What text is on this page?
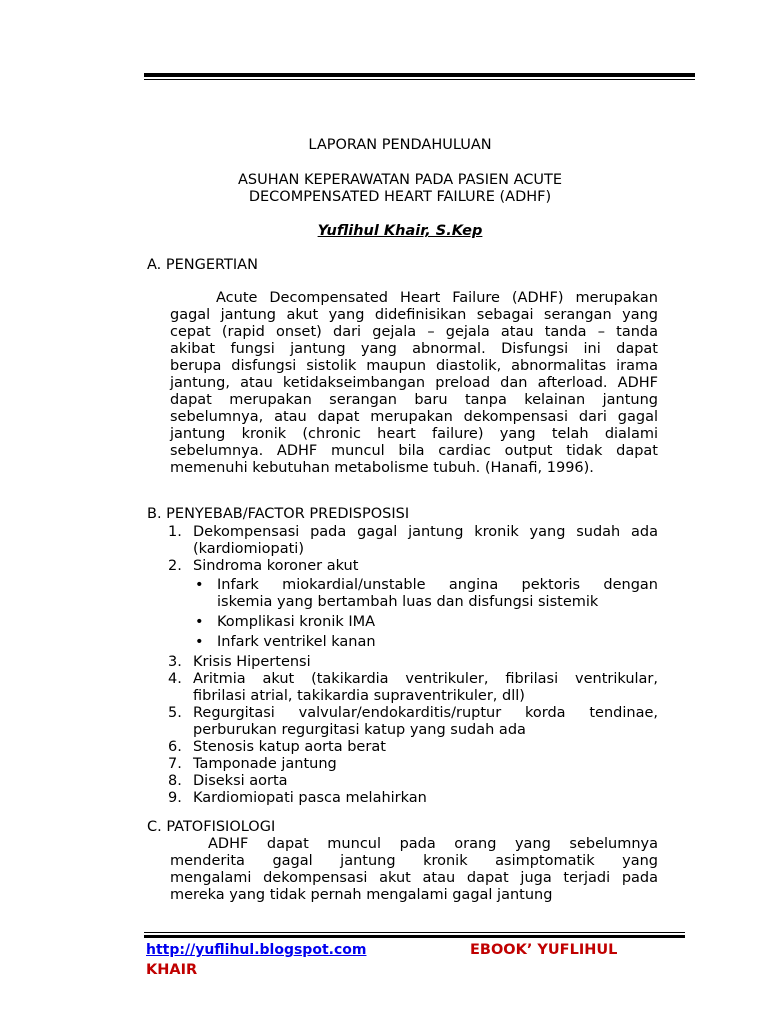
LAPORAN PENDAHULUAN
ASUHAN KEPERAWATAN PADA PASIEN ACUTE
DECOMPENSATED HEART FAILURE (ADHF)
Yuflihul Khair, S.Kep
A. PENGERTIAN
Acute Decompensated Heart Failure (ADHF) merupakan
gagal jantung akut yang didefinisikan sebagai serangan yang
cepat (rapid onset) dari gejala – gejala atau tanda – tanda
akibat fungsi jantung yang abnormal. Disfungsi ini dapat
berupa disfungsi sistolik maupun diastolik, abnormalitas irama
jantung, atau ketidakseimbangan preload dan afterload. ADHF
dapat merupakan serangan baru tanpa kelainan jantung
sebelumnya, atau dapat merupakan dekompensasi dari gagal
jantung kronik (chronic heart failure) yang telah dialami
sebelumnya. ADHF muncul bila cardiac output tidak dapat
memenuhi kebutuhan metabolisme tubuh. (Hanafi, 1996).
B. PENYEBAB/FACTOR PREDISPOSISI
1. Dekompensasi pada gagal jantung kronik yang sudah ada
(kardiomiopati)
2. Sindroma koroner akut
• Infark miokardial/unstable angina pektoris dengan
iskemia yang bertambah luas dan disfungsi sistemik
• Komplikasi kronik IMA
• Infark ventrikel kanan
3. Krisis Hipertensi
4. Aritmia akut (takikardia ventrikuler, fibrilasi ventrikular,
fibrilasi atrial, takikardia supraventrikuler, dll)
5. Regurgitasi valvular/endokarditis/ruptur korda tendinae,
perburukan regurgitasi katup yang sudah ada
6. Stenosis katup aorta berat
7. Tamponade jantung
8. Diseksi aorta
9. Kardiomiopati pasca melahirkan
C. PATOFISIOLOGI
ADHF dapat muncul pada orang yang sebelumnya
menderita gagal jantung kronik asimptomatik yang
mengalami dekompensasi akut atau dapat juga terjadi pada
mereka yang tidak pernah mengalami gagal jantung
http://yuflihul.blogspot.com	EBOOK’ YUFLIHUL
KHAIR
